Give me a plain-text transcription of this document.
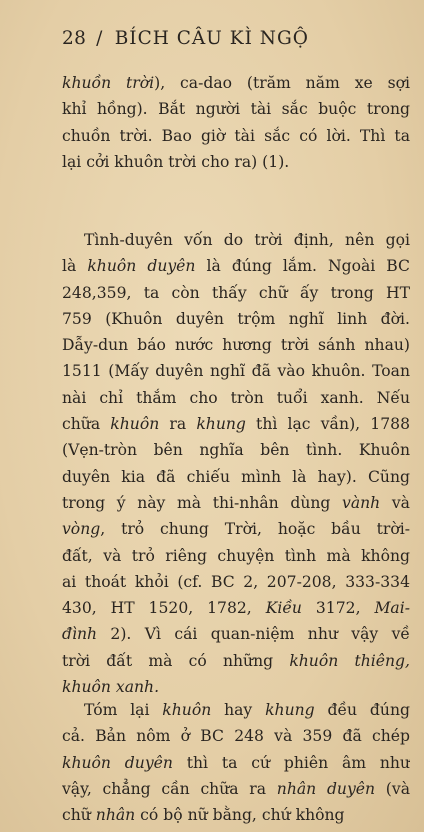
28 / BÍCH CÂU KÌ NGỘ
khuồn trời), ca-dao (trăm năm xe sợi
khỉ hồng). Bắt người tài sắc buộc trong
chuồn trời. Bao giờ tài sắc có lời. Thì ta
lại cởi khuôn trời cho ra) (1).
Tình-duyên vốn do trời định, nên gọi
là khuôn duyên là đúng lắm. Ngoài BC
248,359, ta còn thấy chữ ấy trong HT
759 (Khuôn duyên trộm nghĩ linh đời.
Dẫy-dun báo nước hương trời sánh nhau)
1511 (Mấy duyên nghĩ đã vào khuôn. Toan
nài chỉ thắm cho tròn tuổi xanh. Nếu
chữa khuôn ra khung thì lạc vần), 1788
(Vẹn-tròn bên nghĩa bên tình. Khuôn
duyên kia đã chiếu mình là hay). Cũng
trong ý này mà thi-nhân dùng vành và
vòng, trỏ chung Trời, hoặc bầu trời-
đất, và trỏ riêng chuyện tình mà không
ai thoát khỏi (cf. BC 2, 207-208, 333-334
430, HT 1520, 1782, Kiều 3172, Mai-
đình 2). Vì cái quan-niệm như vậy về
trời đất mà có những khuôn thiêng,
khuôn xanh.
Tóm lại khuôn hay khung đều đúng
cả. Bản nôm ở BC 248 và 359 đã chép
khuôn duyên thì ta cứ phiên âm như
vậy, chẳng cần chữa ra nhân duyên (và
chữ nhân có bộ nữ bằng, chứ không
